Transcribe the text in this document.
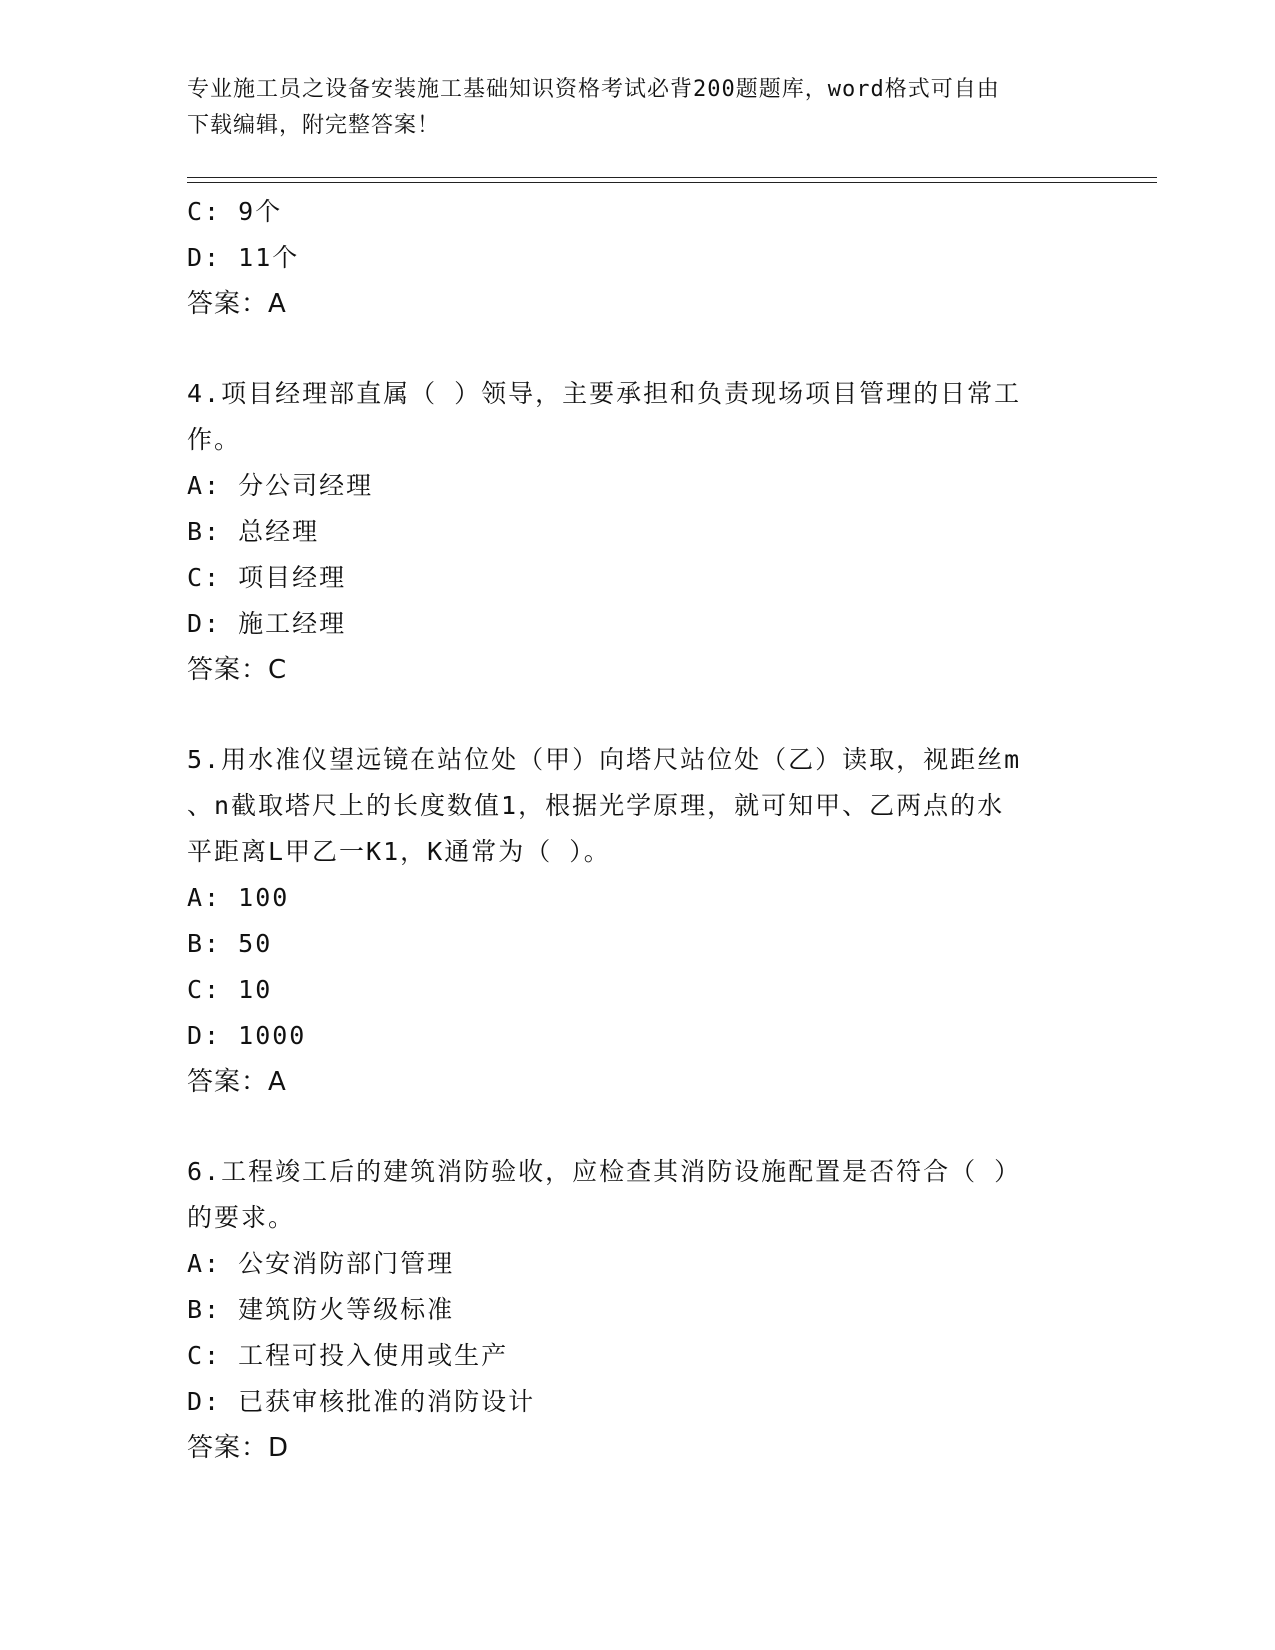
专业施工员之设备安装施工基础知识资格考试必背200题题库，word格式可自由
下载编辑，附完整答案！
C: 9个
D: 11个
答案：A
4.项目经理部直属（ ）领导，主要承担和负责现场项目管理的日常工
作。
A: 分公司经理
B: 总经理
C: 项目经理
D: 施工经理
答案：C
5.用水准仪望远镜在站位处（甲）向塔尺站位处（乙）读取，视距丝m
、n截取塔尺上的长度数值1，根据光学原理，就可知甲、乙两点的水
平距离L甲乙一K1，K通常为（ ）。
A: 100
B: 50
C: 10
D: 1000
答案：A
6.工程竣工后的建筑消防验收，应检查其消防设施配置是否符合（ ）
的要求。
A: 公安消防部门管理
B: 建筑防火等级标准
C: 工程可投入使用或生产
D: 已获审核批准的消防设计
答案：D
